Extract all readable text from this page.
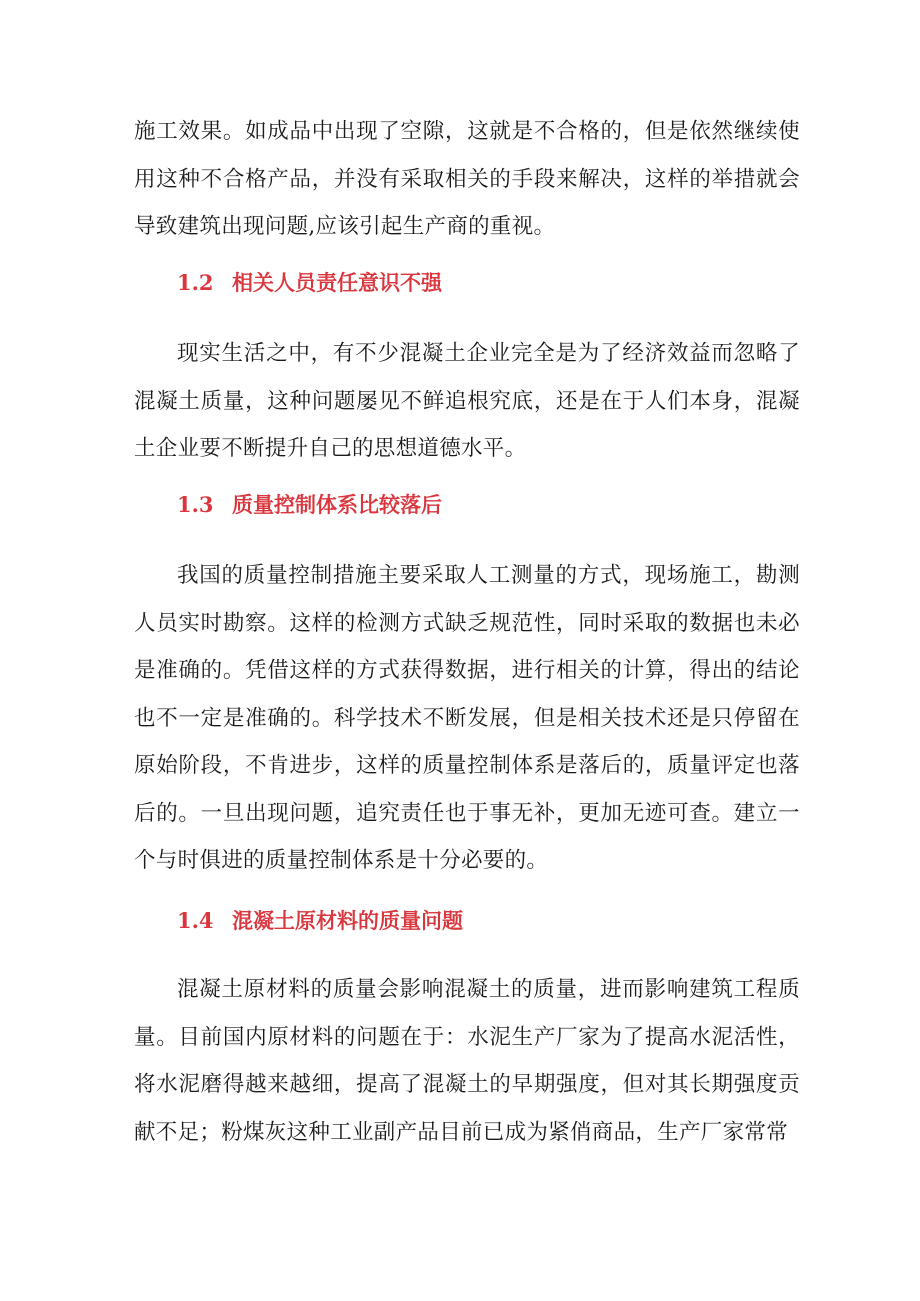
施工效果。如成品中出现了空隙，这就是不合格的，但是依然继续使用这种不合格产品，并没有采取相关的手段来解决，这样的举措就会导致建筑出现问题,应该引起生产商的重视。

1.2 相关人员责任意识不强

现实生活之中，有不少混凝土企业完全是为了经济效益而忽略了混凝土质量，这种问题屡见不鲜追根究底，还是在于人们本身，混凝土企业要不断提升自己的思想道德水平。

1.3 质量控制体系比较落后

我国的质量控制措施主要采取人工测量的方式，现场施工，勘测人员实时勘察。这样的检测方式缺乏规范性，同时采取的数据也未必是准确的。凭借这样的方式获得数据，进行相关的计算，得出的结论也不一定是准确的。科学技术不断发展，但是相关技术还是只停留在原始阶段，不肯进步，这样的质量控制体系是落后的，质量评定也落后的。一旦出现问题，追究责任也于事无补，更加无迹可查。建立一个与时俱进的质量控制体系是十分必要的。

1.4 混凝土原材料的质量问题

混凝土原材料的质量会影响混凝土的质量，进而影响建筑工程质量。目前国内原材料的问题在于：水泥生产厂家为了提高水泥活性，将水泥磨得越来越细，提高了混凝土的早期强度，但对其长期强度贡献不足；粉煤灰这种工业副产品目前已成为紧俏商品，生产厂家常常
